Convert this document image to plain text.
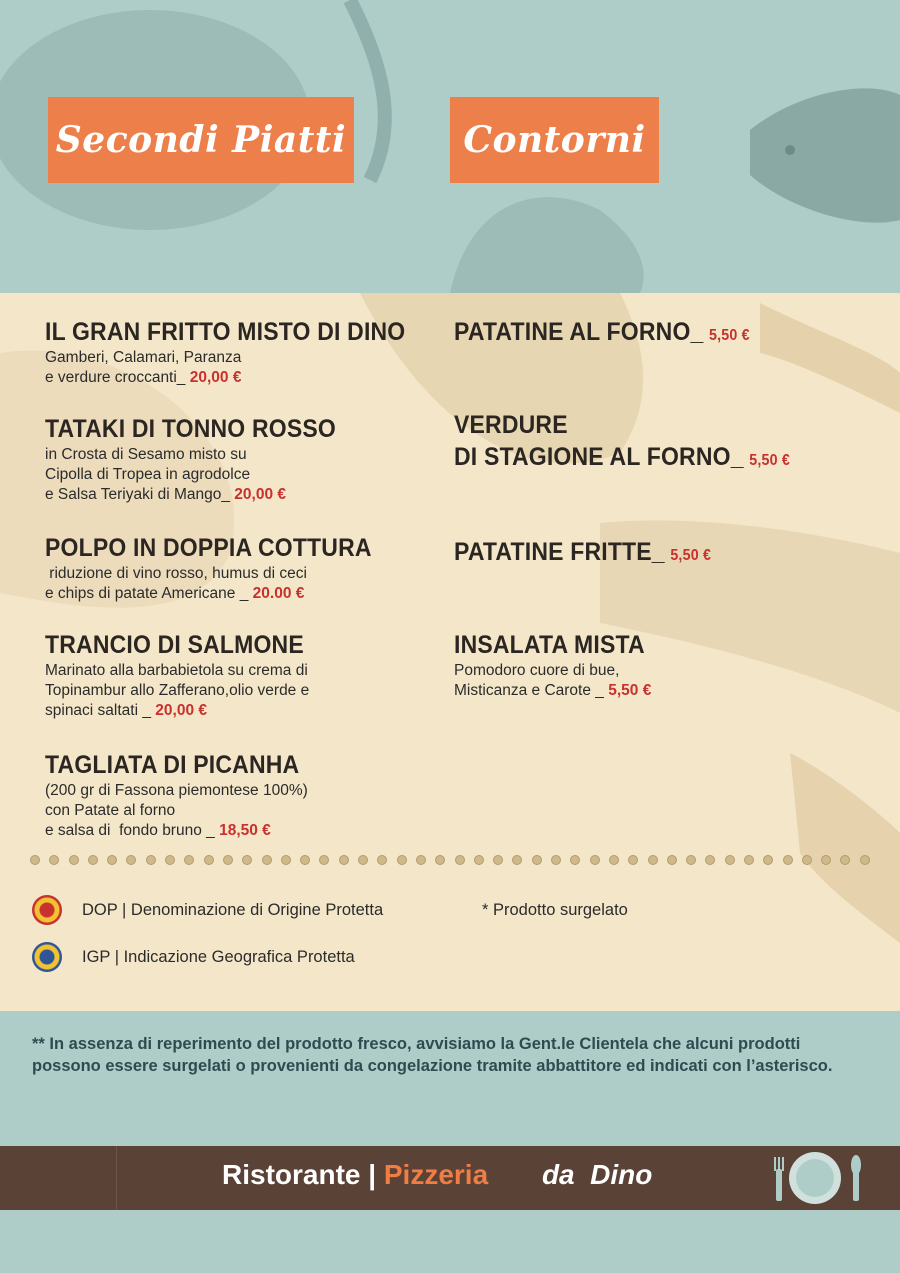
Secondi Piatti	Contorni
IL GRAN FRITTO MISTO DI DINO
Gamberi, Calamari, Paranza
e verdure croccanti_ 20,00 €
TATAKI DI TONNO ROSSO
in Crosta di Sesamo misto su
Cipolla di Tropea in agrodolce
e Salsa Teriyaki di Mango_ 20,00 €
POLPO IN DOPPIA COTTURA
riduzione di vino rosso, humus di ceci
e chips di patate Americane _ 20.00 €
TRANCIO DI SALMONE
Marinato alla barbabietola su crema di
Topinambur allo Zafferano,olio verde e
spinaci saltati _ 20,00 €
TAGLIATA DI PICANHA
(200 gr di Fassona piemontese 100%)
con Patate al forno
e salsa di  fondo bruno _ 18,50 €
PATATINE AL FORNO_ 5,50 €
VERDURE
DI STAGIONE AL FORNO_ 5,50 €
PATATINE FRITTE_ 5,50 €
INSALATA MISTA
Pomodoro cuore di bue,
Misticanza e Carote _ 5,50 €
DOP | Denominazione di Origine Protetta	* Prodotto surgelato
IGP | Indicazione Geografica Protetta
** In assenza di reperimento del prodotto fresco, avvisiamo la Gent.le Clientela che alcuni prodotti possono essere surgelati o provenienti da congelazione tramite abbattitore ed indicati con l’asterisco.
Ristorante | Pizzeria da  Dino
